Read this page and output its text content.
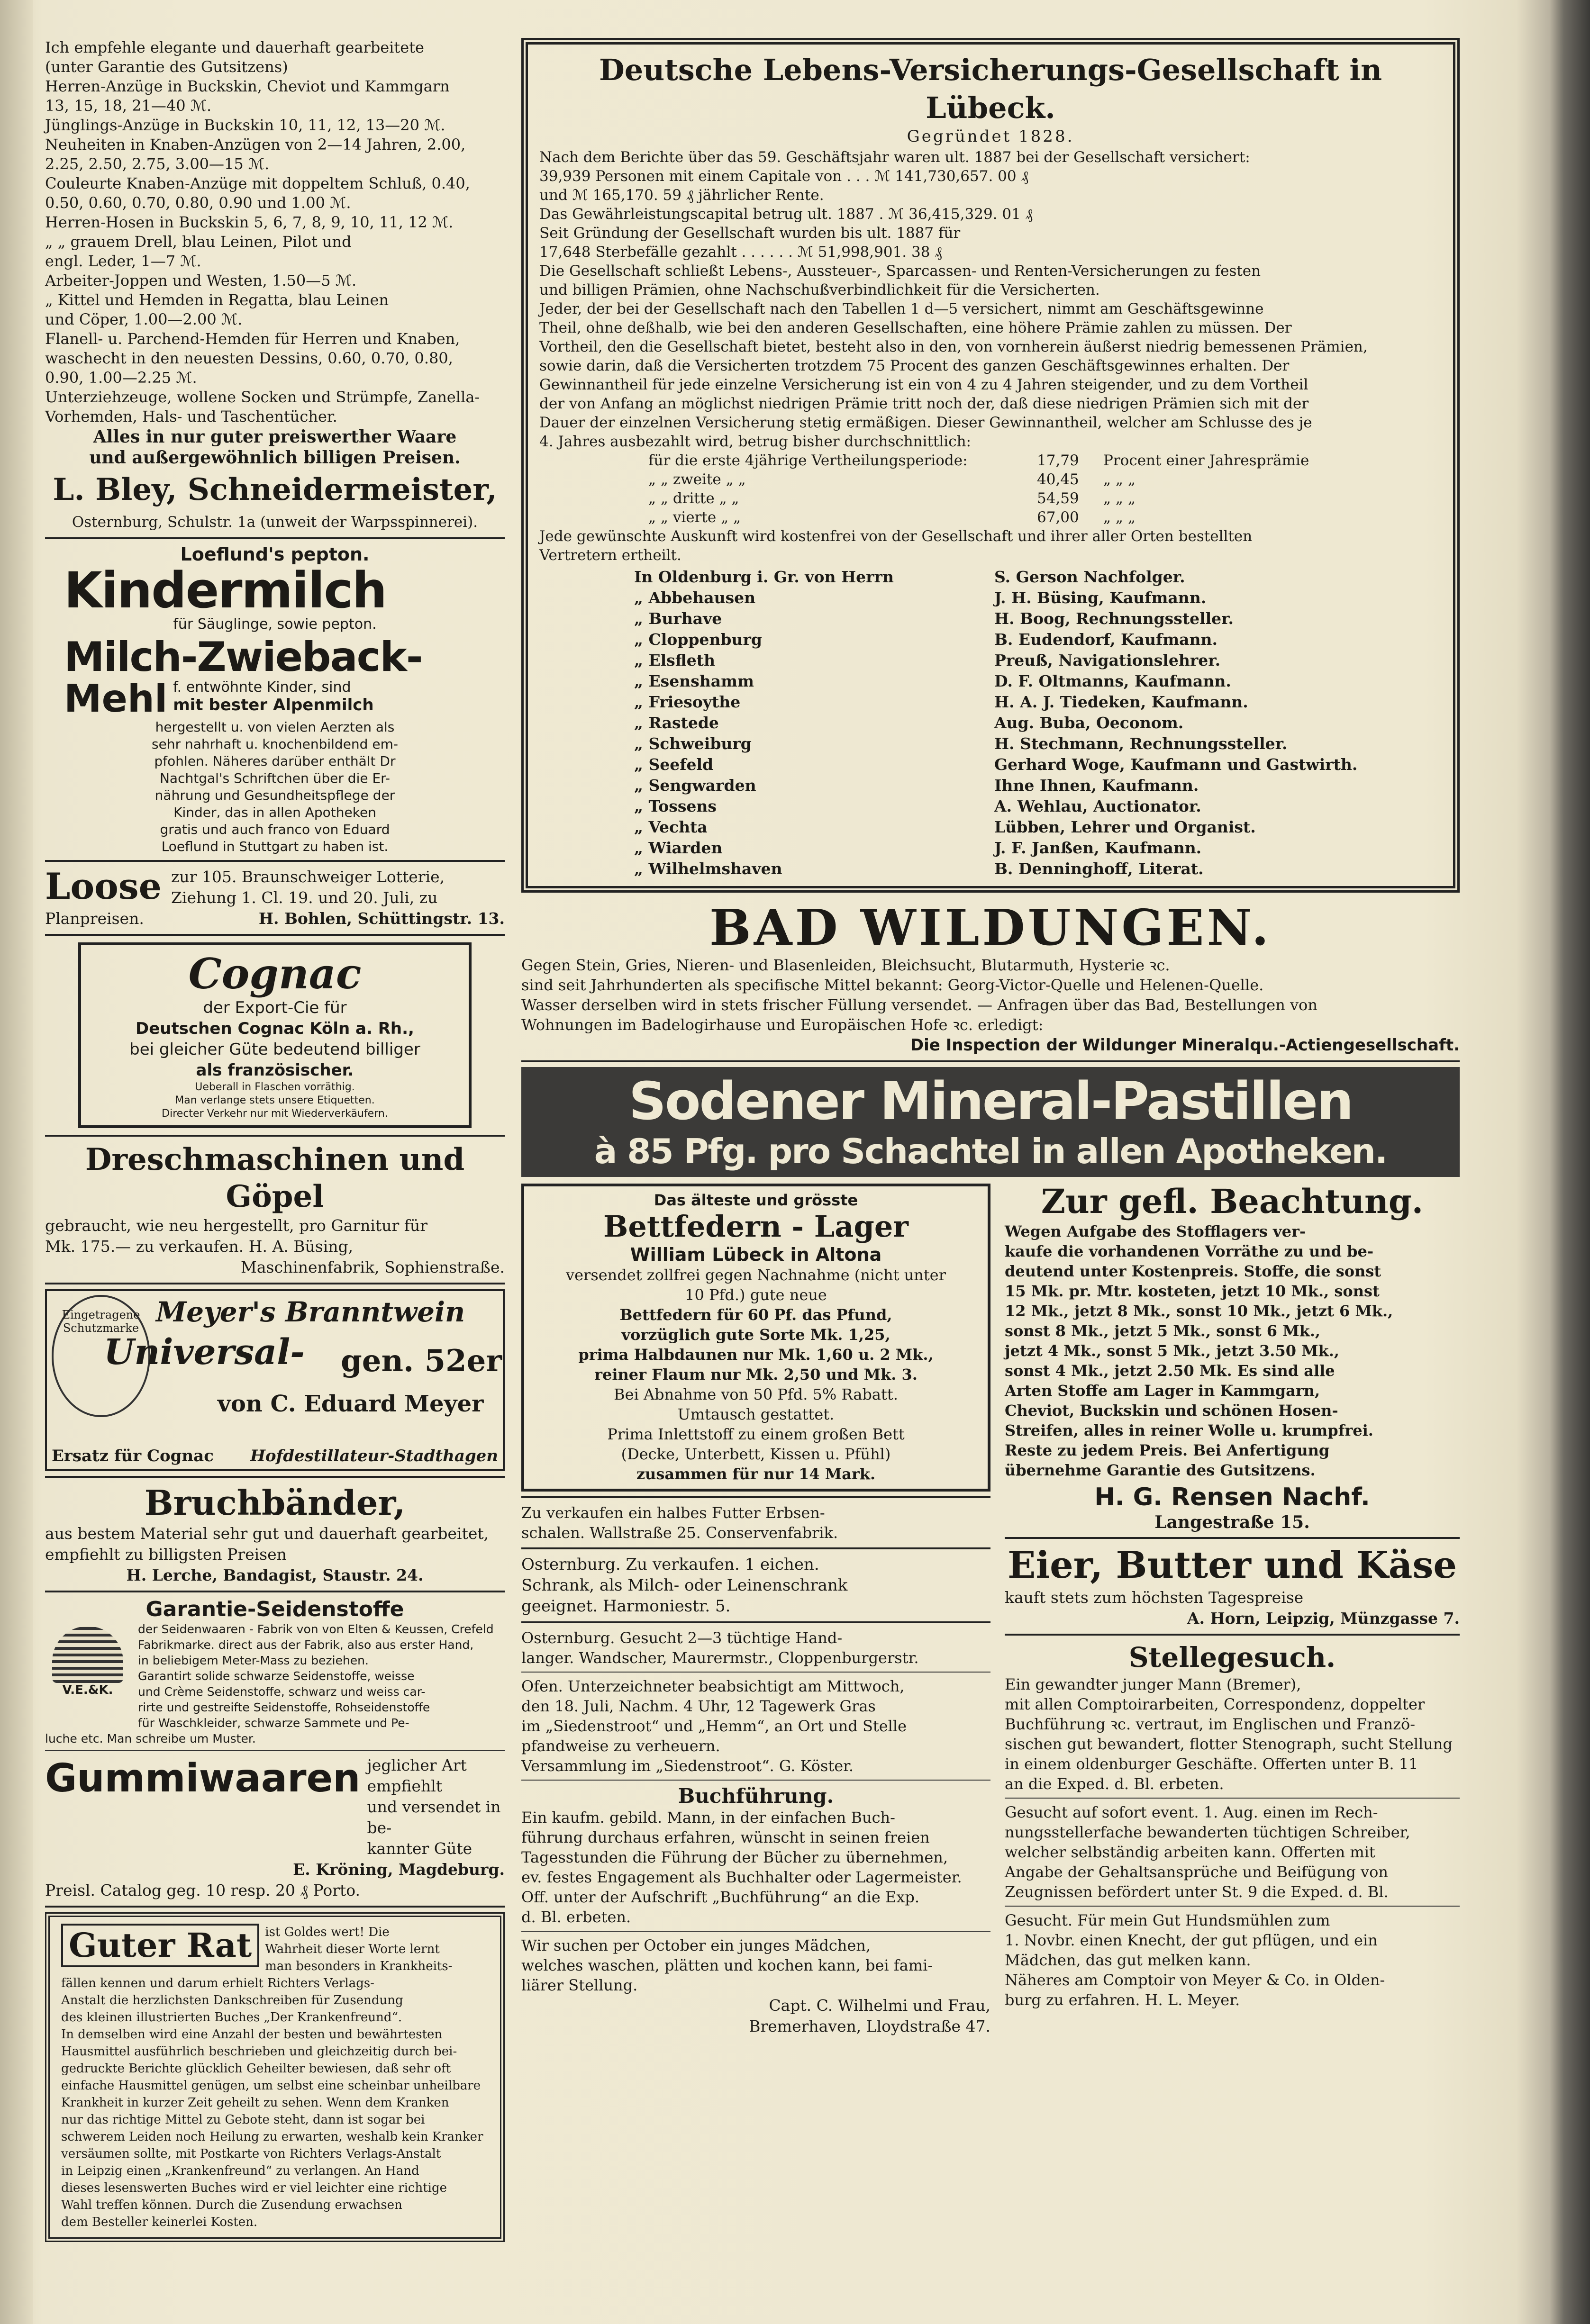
Ich empfehle elegante und dauerhaft gearbeitete
(unter Garantie des Gutsitzens)
Herren-Anzüge in Buckskin, Cheviot und Kammgarn
13, 15, 18, 21—40 ℳ.
Jünglings-Anzüge in Buckskin 10, 11, 12, 13—20 ℳ.
Neuheiten in Knaben-Anzügen von 2—14 Jahren, 2.00,
2.25, 2.50, 2.75, 3.00—15 ℳ.
Couleurte Knaben-Anzüge mit doppeltem Schluß, 0.40,
0.50, 0.60, 0.70, 0.80, 0.90 und 1.00 ℳ.
Herren-Hosen in Buckskin 5, 6, 7, 8, 9, 10, 11, 12 ℳ.
„ „ grauem Drell, blau Leinen, Pilot und
engl. Leder, 1—7 ℳ.
Arbeiter-Joppen und Westen, 1.50—5 ℳ.
„ Kittel und Hemden in Regatta, blau Leinen
und Cöper, 1.00—2.00 ℳ.
Flanell- u. Parchend-Hemden für Herren und Knaben,
waschecht in den neuesten Dessins, 0.60, 0.70, 0.80,
0.90, 1.00—2.25 ℳ.
Unterziehzeuge, wollene Socken und Strümpfe, Zanella-
Vorhemden, Hals- und Taschentücher.

Alles in nur guter preiswerther Waare

und außergewöhnlich billigen Preisen.

L. Bley, Schneidermeister,

Osternburg, Schulstr. 1a (unweit der Warpsspinnerei).

Loeflund's pepton.

Kindermilch

für Säuglinge, sowie pepton.

Milch-Zwieback-

Mehl f. entwöhnte Kinder, sind

mit bester Alpenmilch

hergestellt u. von vielen Aerzten als
sehr nahrhaft u. knochenbildend em-
pfohlen. Näheres darüber enthält Dr
Nachtgal's Schriftchen über die Er-
nährung und Gesundheitspflege der
Kinder, das in allen Apotheken
gratis und auch franco von Eduard
Loeflund in Stuttgart zu haben ist.
Loose zur 105. Braunschweiger Lotterie,

Ziehung 1. Cl. 19. und 20. Juli, zu

Planpreisen.	H. Bohlen, Schüttingstr. 13.

Cognac

der Export-Cie für
Deutschen Cognac Köln a. Rh.,
bei gleicher Güte bedeutend billiger
als französischer.
Ueberall in Flaschen vorräthig.
Man verlange stets unsere Etiquetten.
Directer Verkehr nur mit Wiederverkäufern.

Dreschmaschinen und Göpel

gebraucht, wie neu hergestellt, pro Garnitur für

Mk. 175.— zu verkaufen. H. A. Büsing,

Maschinenfabrik, Sophienstraße.

Eingetragene Schutzmarke Meyer's Branntwein

Universal- gen. 52er

von C. Eduard Meyer

Ersatz für Cognac Hofdestillateur-Stadthagen

Bruchbänder,

aus bestem Material sehr gut und dauerhaft gearbeitet,

empfiehlt zu billigsten Preisen

H. Lerche, Bandagist, Staustr. 24.

Garantie-Seidenstoffe

V.E.&K.
der Seidenwaaren - Fabrik von von Elten & Keussen, Crefeld
Fabrikmarke. direct aus der Fabrik, also aus erster Hand,
in beliebigem Meter-Mass zu beziehen.
Garantirt solide schwarze Seidenstoffe, weisse
und Crème Seidenstoffe, schwarz und weiss car-
rirte und gestreifte Seidenstoffe, Rohseidenstoffe
für Waschkleider, schwarze Sammete und Pe-
luche etc. Man schreibe um Muster.
Gummiwaaren jeglicher Art empfiehlt

und versendet in be-

kannter Güte

E. Kröning, Magdeburg.

Preisl. Catalog geg. 10 resp. 20 ₰ Porto.

Guter Rat	ist Goldes wert! Die
Wahrheit dieser Worte lernt
man besonders in Krankheits-
fällen kennen und darum erhielt Richters Verlags-
Anstalt die herzlichsten Dankschreiben für Zusendung
des kleinen illustrierten Buches „Der Krankenfreund“.
In demselben wird eine Anzahl der besten und bewährtesten
Hausmittel ausführlich beschrieben und gleichzeitig durch bei-
gedruckte Berichte glücklich Geheilter bewiesen, daß sehr oft
einfache Hausmittel genügen, um selbst eine scheinbar unheilbare
Krankheit in kurzer Zeit geheilt zu sehen. Wenn dem Kranken
nur das richtige Mittel zu Gebote steht, dann ist sogar bei
schwerem Leiden noch Heilung zu erwarten, weshalb kein Kranker
versäumen sollte, mit Postkarte von Richters Verlags-Anstalt
in Leipzig einen „Krankenfreund“ zu verlangen. An Hand
dieses lesenswerten Buches wird er viel leichter eine richtige
Wahl treffen können. Durch die Zusendung erwachsen
dem Besteller keinerlei Kosten.

Deutsche Lebens-Versicherungs-Gesellschaft in Lübeck.

Gegründet 1828.

Nach dem Berichte über das 59. Geschäftsjahr waren ult. 1887 bei der Gesellschaft versichert:
39,939 Personen mit einem Capitale von . . . ℳ 141,730,657. 00 ₰
und ℳ 165,170. 59 ₰ jährlicher Rente.
Das Gewährleistungscapital betrug ult. 1887 . ℳ 36,415,329. 01 ₰
Seit Gründung der Gesellschaft wurden bis ult. 1887 für
17,648 Sterbefälle gezahlt . . . . . . ℳ 51,998,901. 38 ₰
Die Gesellschaft schließt Lebens-, Aussteuer-, Sparcassen- und Renten-Versicherungen zu festen
und billigen Prämien, ohne Nachschußverbindlichkeit für die Versicherten.
Jeder, der bei der Gesellschaft nach den Tabellen 1 d—5 versichert, nimmt am Geschäftsgewinne
Theil, ohne deßhalb, wie bei den anderen Gesellschaften, eine höhere Prämie zahlen zu müssen. Der
Vortheil, den die Gesellschaft bietet, besteht also in den, von vornherein äußerst niedrig bemessenen Prämien,
sowie darin, daß die Versicherten trotzdem 75 Procent des ganzen Geschäftsgewinnes erhalten. Der
Gewinnantheil für jede einzelne Versicherung ist ein von 4 zu 4 Jahren steigender, und zu dem Vortheil
der von Anfang an möglichst niedrigen Prämie tritt noch der, daß diese niedrigen Prämien sich mit der
Dauer der einzelnen Versicherung stetig ermäßigen. Dieser Gewinnantheil, welcher am Schlusse des je
4. Jahres ausbezahlt wird, betrug bisher durchschnittlich:
für die erste 4jährige Vertheilungsperiode:	17,79	Procent einer Jahresprämie
„ „ zweite „ „	40,45	„ „ „
„ „ dritte „ „	54,59	„ „ „
„ „ vierte „ „	67,00	„ „ „
Jede gewünschte Auskunft wird kostenfrei von der Gesellschaft und ihrer aller Orten bestellten
Vertretern ertheilt.
In Oldenburg i. Gr. von Herrn	S. Gerson Nachfolger.
„ Abbehausen	J. H. Büsing, Kaufmann.
„ Burhave	H. Boog, Rechnungssteller.
„ Cloppenburg	B. Eudendorf, Kaufmann.
„ Elsfleth	Preuß, Navigationslehrer.
„ Esenshamm	D. F. Oltmanns, Kaufmann.
„ Friesoythe	H. A. J. Tiedeken, Kaufmann.
„ Rastede	Aug. Buba, Oeconom.
„ Schweiburg	H. Stechmann, Rechnungssteller.
„ Seefeld	Gerhard Woge, Kaufmann und Gastwirth.
„ Sengwarden	Ihne Ihnen, Kaufmann.
„ Tossens	A. Wehlau, Auctionator.
„ Vechta	Lübben, Lehrer und Organist.
„ Wiarden	J. F. Janßen, Kaufmann.
„ Wilhelmshaven	B. Denninghoff, Literat.

BAD WILDUNGEN.

Gegen Stein, Gries, Nieren- und Blasenleiden, Bleichsucht, Blutarmuth, Hysterie ꝛc.
sind seit Jahrhunderten als specifische Mittel bekannt: Georg-Victor-Quelle und Helenen-Quelle.
Wasser derselben wird in stets frischer Füllung versendet. — Anfragen über das Bad, Bestellungen von
Wohnungen im Badelogirhause und Europäischen Hofe ꝛc. erledigt:

Die Inspection der Wildunger Mineralqu.-Actiengesellschaft.

Sodener Mineral-Pastillen

à 85 Pfg. pro Schachtel in allen Apotheken.

Das älteste und grösste

Bettfedern - Lager

William Lübeck in Altona

versendet zollfrei gegen Nachnahme (nicht unter
10 Pfd.) gute neue
Bettfedern für 60 Pf. das Pfund,
vorzüglich gute Sorte Mk. 1,25,
prima Halbdaunen nur Mk. 1,60 u. 2 Mk.,
reiner Flaum nur Mk. 2,50 und Mk. 3.
Bei Abnahme von 50 Pfd. 5% Rabatt.
Umtausch gestattet.
Prima Inlettstoff zu einem großen Bett
(Decke, Unterbett, Kissen u. Pfühl)
zusammen für nur 14 Mark.
Zu verkaufen ein halbes Futter Erbsen-
schalen. Wallstraße 25. Conservenfabrik.
Osternburg. Zu verkaufen. 1 eichen.
Schrank, als Milch- oder Leinenschrank
geeignet. Harmoniestr. 5.
Osternburg. Gesucht 2—3 tüchtige Hand-
langer. Wandscher, Maurermstr., Cloppenburgerstr.
Ofen. Unterzeichneter beabsichtigt am Mittwoch,
den 18. Juli, Nachm. 4 Uhr, 12 Tagewerk Gras
im „Siedenstroot“ und „Hemm“, an Ort und Stelle
pfandweise zu verheuern.
Versammlung im „Siedenstroot“. G. Köster.

Buchführung.

Ein kaufm. gebild. Mann, in der einfachen Buch-
führung durchaus erfahren, wünscht in seinen freien
Tagesstunden die Führung der Bücher zu übernehmen,
ev. festes Engagement als Buchhalter oder Lagermeister.
Off. unter der Aufschrift „Buchführung“ an die Exp.
d. Bl. erbeten.
Wir suchen per October ein junges Mädchen,
welches waschen, plätten und kochen kann, bei fami-
liärer Stellung.

Capt. C. Wilhelmi und Frau,

Bremerhaven, Lloydstraße 47.

Zur gefl. Beachtung.

Wegen Aufgabe des Stofflagers ver-
kaufe die vorhandenen Vorräthe zu und be-
deutend unter Kostenpreis. Stoffe, die sonst
15 Mk. pr. Mtr. kosteten, jetzt 10 Mk., sonst
12 Mk., jetzt 8 Mk., sonst 10 Mk., jetzt 6 Mk.,
sonst 8 Mk., jetzt 5 Mk., sonst 6 Mk.,
jetzt 4 Mk., sonst 5 Mk., jetzt 3.50 Mk.,
sonst 4 Mk., jetzt 2.50 Mk. Es sind alle
Arten Stoffe am Lager in Kammgarn,
Cheviot, Buckskin und schönen Hosen-
Streifen, alles in reiner Wolle u. krumpfrei.
Reste zu jedem Preis. Bei Anfertigung
übernehme Garantie des Gutsitzens.

H. G. Rensen Nachf.

Langestraße 15.

Eier, Butter und Käse

kauft stets zum höchsten Tagespreise

A. Horn, Leipzig, Münzgasse 7.

Stellegesuch.

Ein gewandter junger Mann (Bremer),
mit allen Comptoirarbeiten, Correspondenz, doppelter
Buchführung ꝛc. vertraut, im Englischen und Franzö-
sischen gut bewandert, flotter Stenograph, sucht Stellung
in einem oldenburger Geschäfte. Offerten unter B. 11
an die Exped. d. Bl. erbeten.
Gesucht auf sofort event. 1. Aug. einen im Rech-
nungsstellerfache bewanderten tüchtigen Schreiber,
welcher selbständig arbeiten kann. Offerten mit
Angabe der Gehaltsansprüche und Beifügung von
Zeugnissen befördert unter St. 9 die Exped. d. Bl.
Gesucht. Für mein Gut Hundsmühlen zum
1. Novbr. einen Knecht, der gut pflügen, und ein
Mädchen, das gut melken kann.
Näheres am Comptoir von Meyer & Co. in Olden-
burg zu erfahren. H. L. Meyer.
